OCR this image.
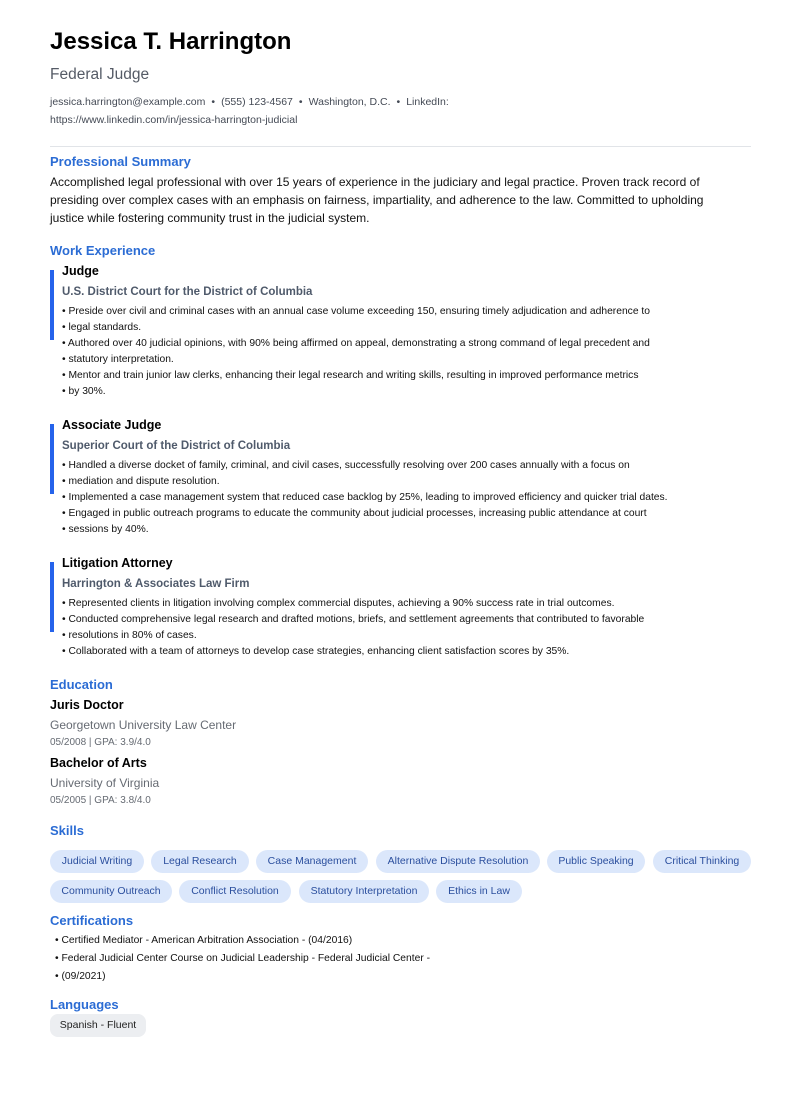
Jessica T. Harrington
Federal Judge
jessica.harrington@example.com • (555) 123-4567 • Washington, D.C. • LinkedIn:
https://www.linkedin.com/in/jessica-harrington-judicial
Professional Summary
Accomplished legal professional with over 15 years of experience in the judiciary and legal practice. Proven track record of
presiding over complex cases with an emphasis on fairness, impartiality, and adherence to the law. Committed to upholding
justice while fostering community trust in the judicial system.
Work Experience
Judge
U.S. District Court for the District of Columbia
• Preside over civil and criminal cases with an annual case volume exceeding 150, ensuring timely adjudication and adherence to
• legal standards.
• Authored over 40 judicial opinions, with 90% being affirmed on appeal, demonstrating a strong command of legal precedent and
• statutory interpretation.
• Mentor and train junior law clerks, enhancing their legal research and writing skills, resulting in improved performance metrics
• by 30%.
Associate Judge
Superior Court of the District of Columbia
• Handled a diverse docket of family, criminal, and civil cases, successfully resolving over 200 cases annually with a focus on
• mediation and dispute resolution.
• Implemented a case management system that reduced case backlog by 25%, leading to improved efficiency and quicker trial dates.
• Engaged in public outreach programs to educate the community about judicial processes, increasing public attendance at court
• sessions by 40%.
Litigation Attorney
Harrington & Associates Law Firm
• Represented clients in litigation involving complex commercial disputes, achieving a 90% success rate in trial outcomes.
• Conducted comprehensive legal research and drafted motions, briefs, and settlement agreements that contributed to favorable
• resolutions in 80% of cases.
• Collaborated with a team of attorneys to develop case strategies, enhancing client satisfaction scores by 35%.
Education
Juris Doctor
Georgetown University Law Center
05/2008 | GPA: 3.9/4.0
Bachelor of Arts
University of Virginia
05/2005 | GPA: 3.8/4.0
Skills
Judicial Writing	Legal Research	Case Management	Alternative Dispute Resolution	Public Speaking	Critical Thinking
Community Outreach	Conflict Resolution	Statutory Interpretation	Ethics in Law
Certifications
• Certified Mediator - American Arbitration Association - (04/2016)
• Federal Judicial Center Course on Judicial Leadership - Federal Judicial Center -
• (09/2021)
Languages
Spanish - Fluent
